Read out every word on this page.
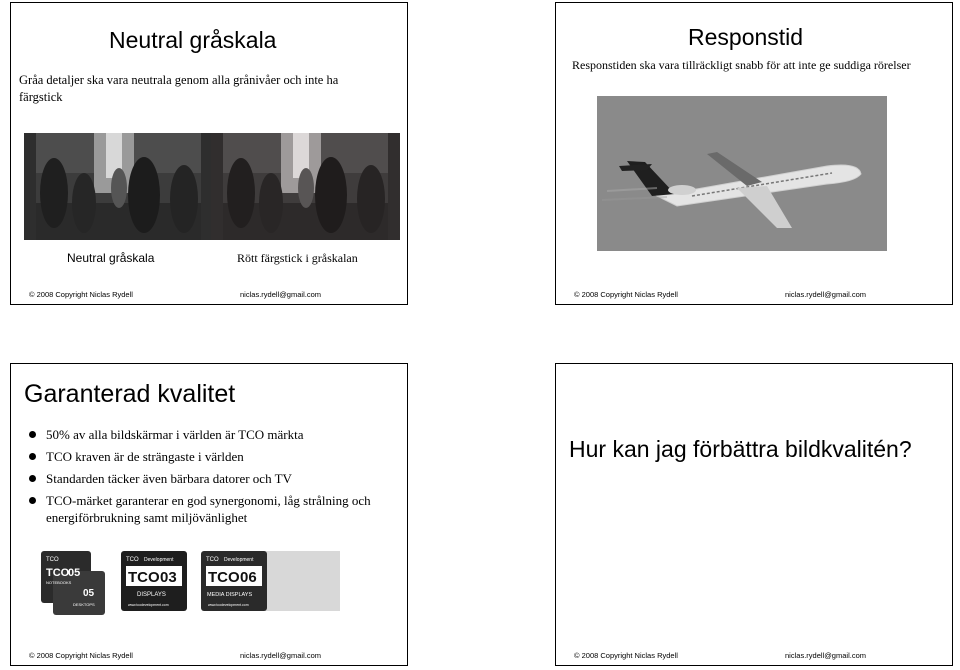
Neutral gråskala
Gråa detaljer ska vara neutrala genom alla grånivåer och inte ha färgstick
Neutral gråskala	Rött färgstick i gråskalan
© 2008 Copyright Niclas Rydell	niclas.rydell@gmail.com
Responstid
Responstiden ska vara tillräckligt snabb för att inte ge suddiga rörelser
© 2008 Copyright Niclas Rydell	niclas.rydell@gmail.com
Garanterad kvalitet
50% av alla bildskärmar i världen är TCO märkta
TCO kraven är de strängaste i världen
Standarden täcker även bärbara datorer och TV
TCO-märket garanterar en god synergonomi, låg strålning och energiförbrukning samt miljövänlighet
TCO
TCO
05
NOTEBOOKS
05
DESKTOPS
TCO Development
TCO 03
DISPLAYS
www.tcodevelopment.com
TCO Development
TCO 06
MEDIA DISPLAYS
www.tcodevelopment.com
© 2008 Copyright Niclas Rydell	niclas.rydell@gmail.com
Hur kan jag förbättra bildkvalitén?
© 2008 Copyright Niclas Rydell	niclas.rydell@gmail.com
